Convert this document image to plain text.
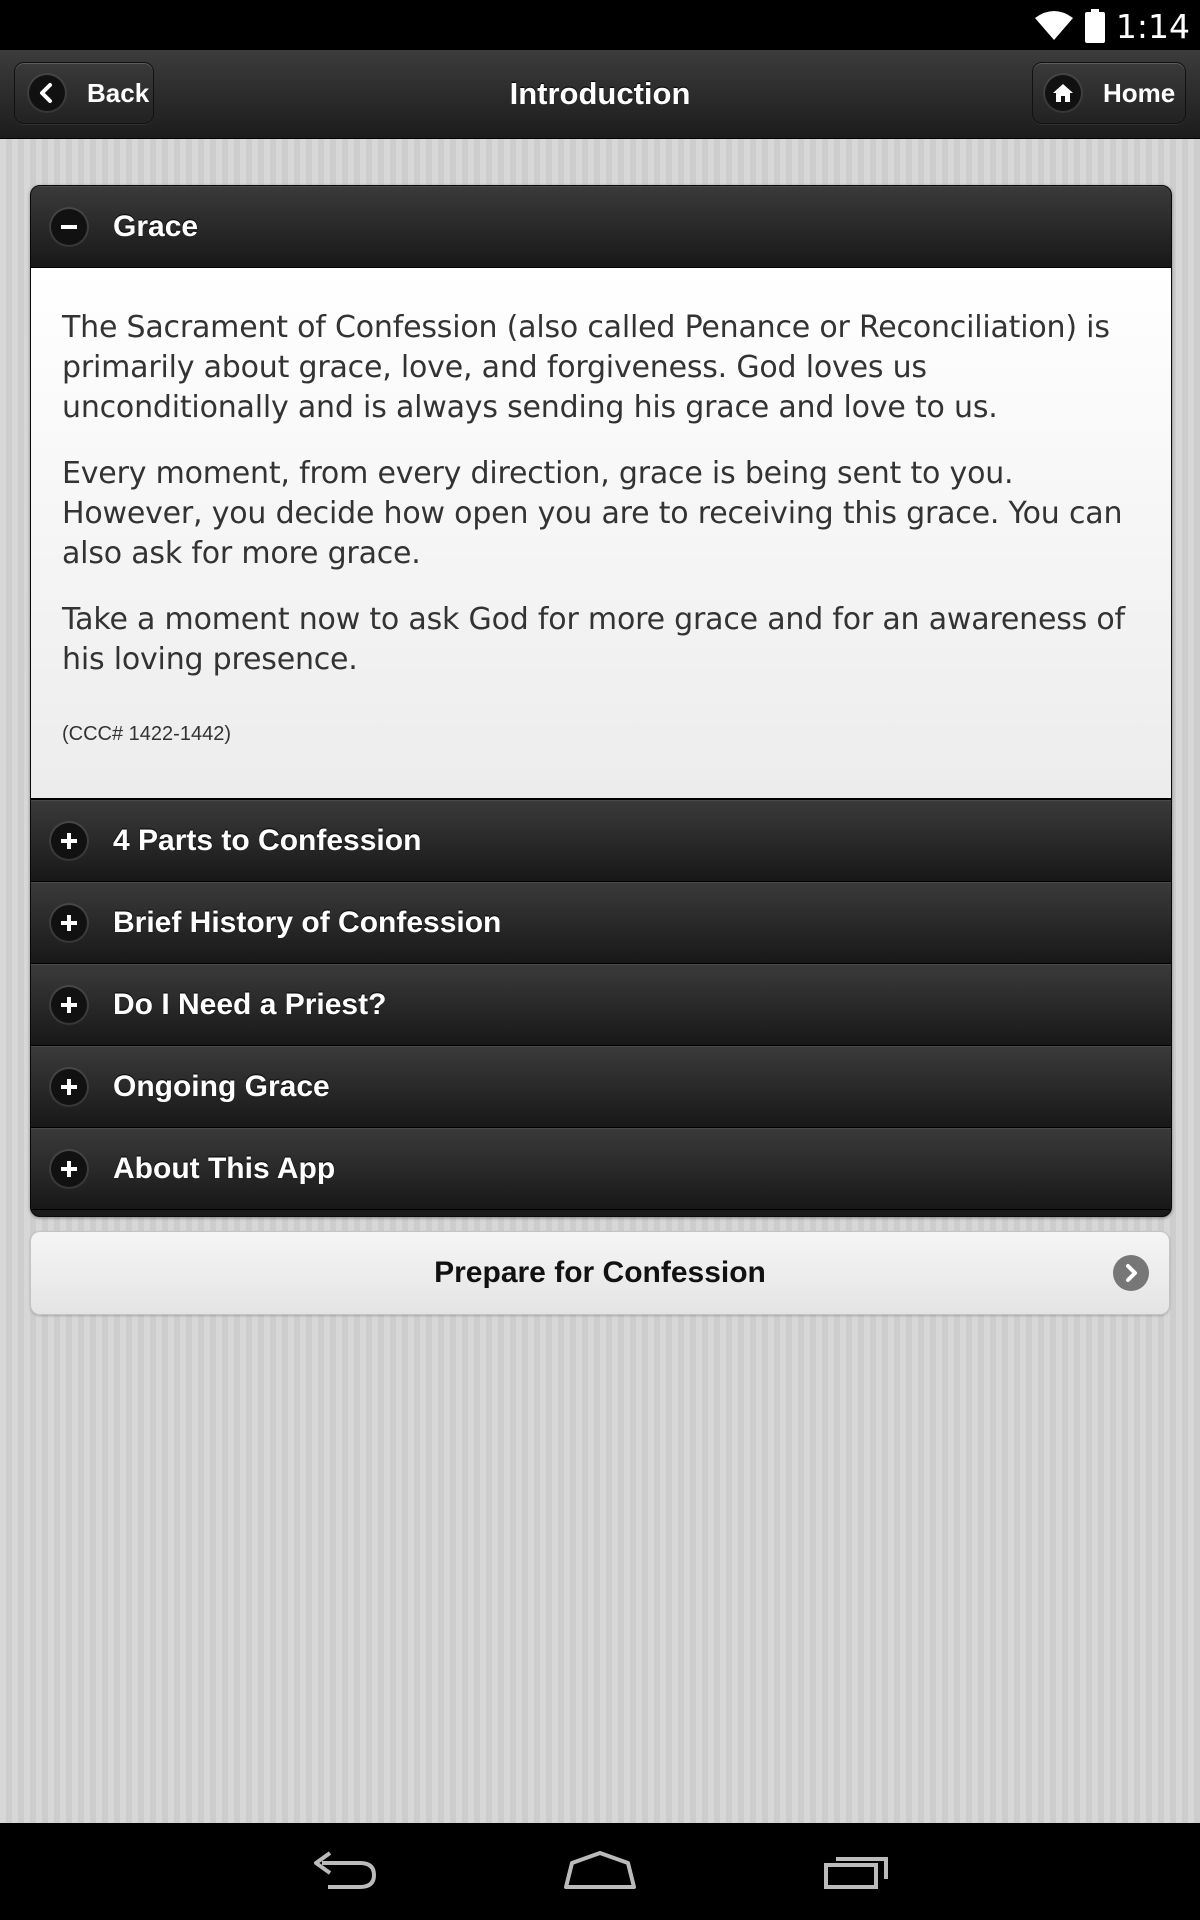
1:14
Introduction
Back	Home
Grace

The Sacrament of Confession (also called Penance or Reconciliation) is primarily about grace, love, and forgiveness. God loves us unconditionally and is always sending his grace and love to us.

Every moment, from every direction, grace is being sent to you. However, you decide how open you are to receiving this grace. You can also ask for more grace.

Take a moment now to ask God for more grace and for an awareness of his loving presence.

(CCC# 1422-1442)
4 Parts to Confession
Brief History of Confession
Do I Need a Priest?
Ongoing Grace
About This App
Prepare for Confession
